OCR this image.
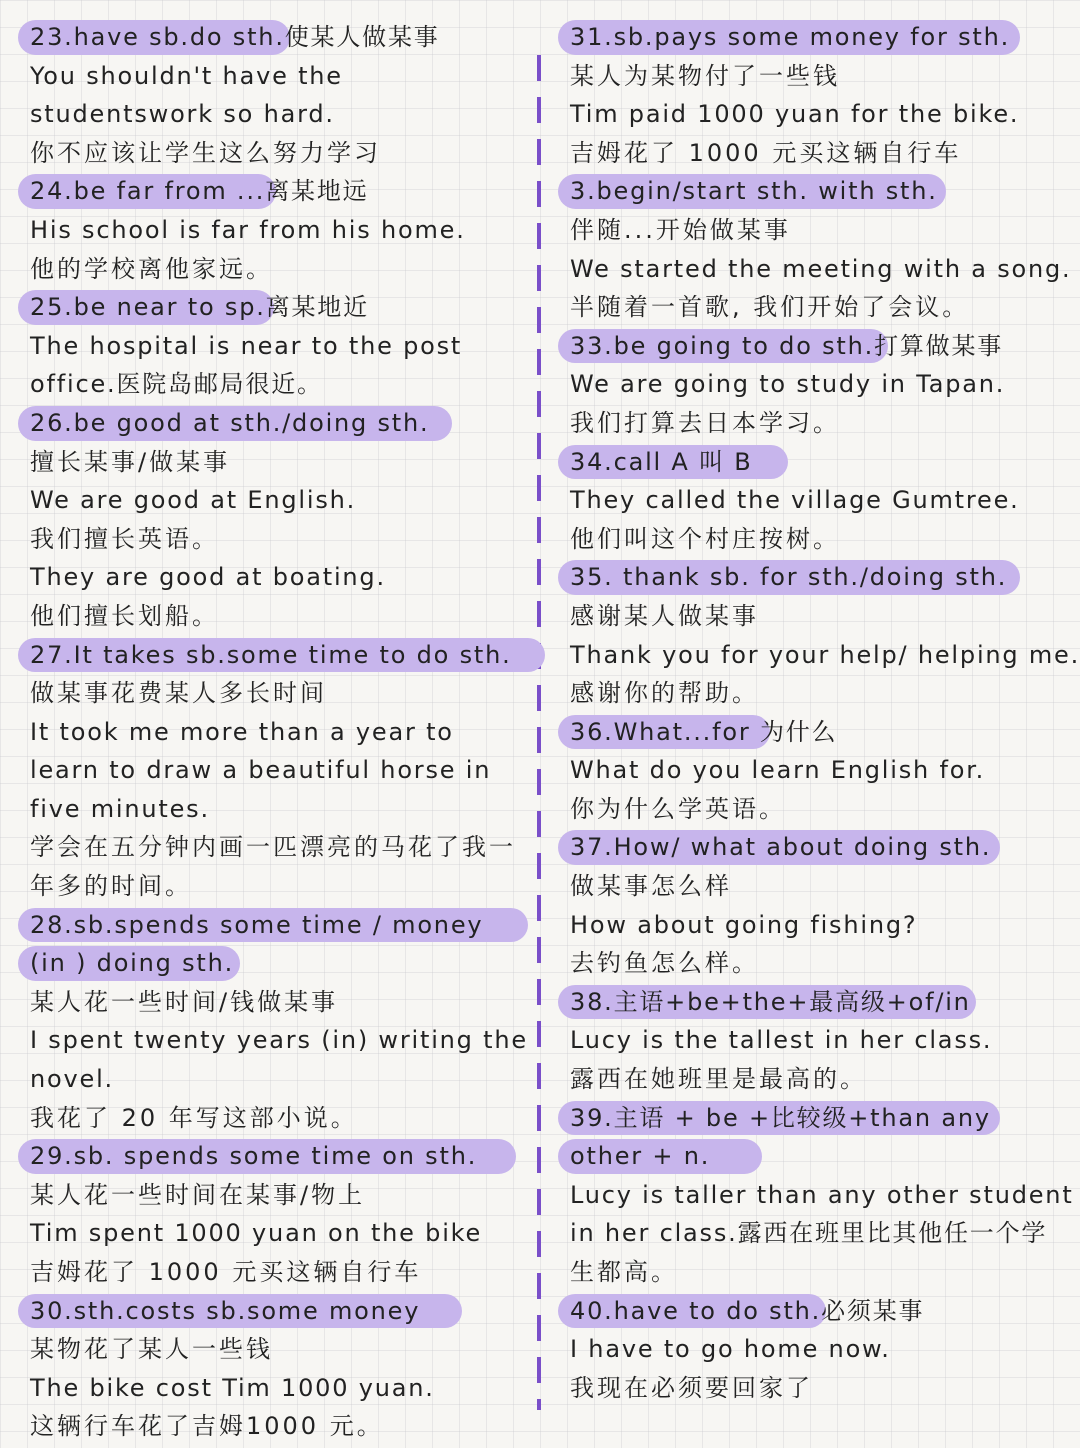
23.have sb.do sth.使某人做某事
You shouldn't have the
studentswork so hard.
你不应该让学生这么努力学习
24.be far from ...离某地远
His school is far from his home.
他的学校离他家远。
25.be near to sp.离某地近
The hospital is near to the post
office.医院岛邮局很近。
26.be good at sth./doing sth.
擅长某事/做某事
We are good at English.
我们擅长英语。
They are good at boating.
他们擅长划船。
27.It takes sb.some time to do sth.
做某事花费某人多长时间
It took me more than a year to
learn to draw a beautiful horse in
five minutes.
学会在五分钟内画一匹漂亮的马花了我一
年多的时间。
28.sb.spends some time / money
(in ) doing sth.
某人花一些时间/钱做某事
I spent twenty years (in) writing the
novel.
我花了 20 年写这部小说。
29.sb. spends some time on sth.
某人花一些时间在某事/物上
Tim spent 1000 yuan on the bike
吉姆花了 1000 元买这辆自行车
30.sth.costs sb.some money
某物花了某人一些钱
The bike cost Tim 1000 yuan.
这辆行车花了吉姆1000 元。
31.sb.pays some money for sth.
某人为某物付了一些钱
Tim paid 1000 yuan for the bike.
吉姆花了 1000 元买这辆自行车
3.begin/start sth. with sth.
伴随...开始做某事
We started the meeting with a song.
半随着一首歌, 我们开始了会议。
33.be going to do sth.打算做某事
We are going to study in Tapan.
我们打算去日本学习。
34.call A 叫 B
They called the village Gumtree.
他们叫这个村庄按树。
35. thank sb. for sth./doing sth.
感谢某人做某事
Thank you for your help/ helping me.
感谢你的帮助。
36.What...for 为什么
What do you learn English for.
你为什么学英语。
37.How/ what about doing sth.
做某事怎么样
How about going fishing?
去钓鱼怎么样。
38.主语+be+the+最高级+of/in
Lucy is the tallest in her class.
露西在她班里是最高的。
39.主语 + be +比较级+than any
other + n.
Lucy is taller than any other student
in her class.露西在班里比其他任一个学
生都高。
40.have to do sth.必须某事
I have to go home now.
我现在必须要回家了
